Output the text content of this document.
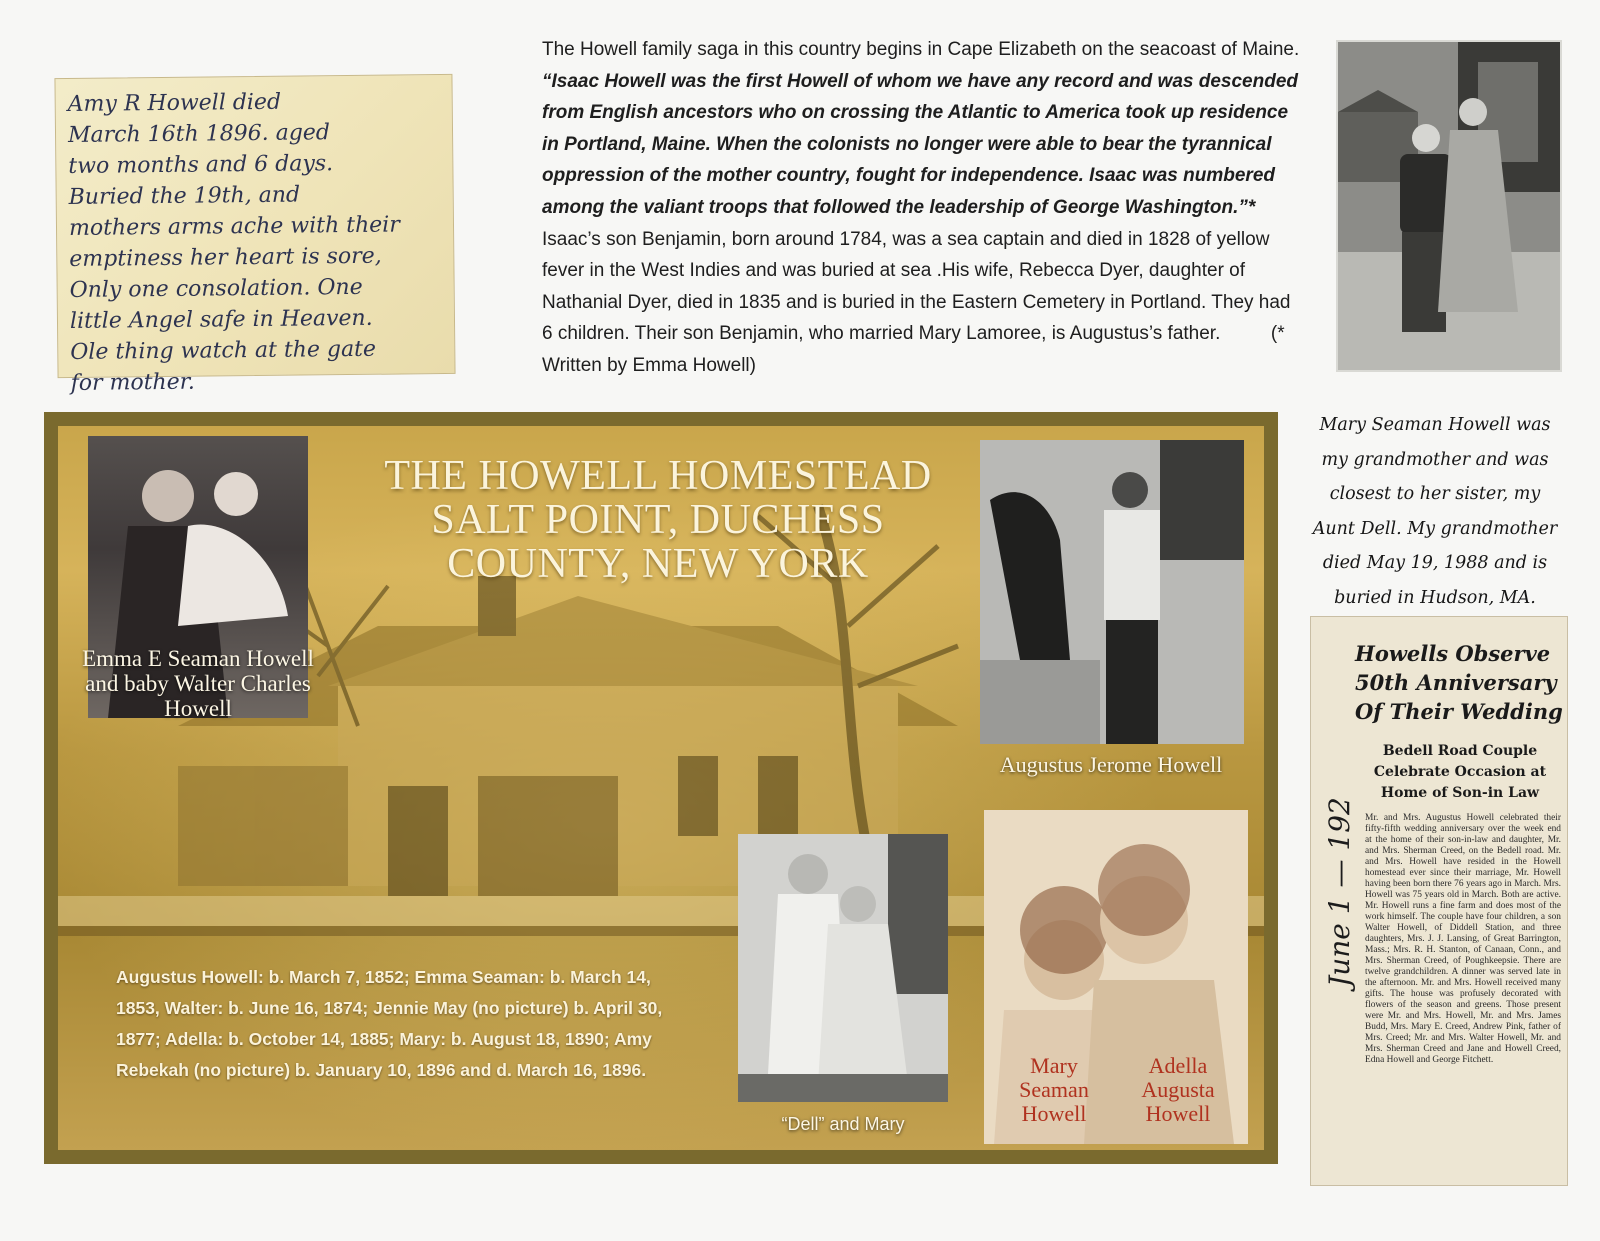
Amy R Howell died
March 16th 1896. aged
two months and 6 days.
Buried the 19th, and
mothers arms ache with their
emptiness her heart is sore,
Only one consolation. One
little Angel safe in Heaven.
Ole thing watch at the gate
for mother.
The Howell family saga in this country begins in Cape Elizabeth on the seacoast of Maine. “Isaac Howell was the first Howell of whom we have any record and was descended from English ancestors who on crossing the Atlantic to America took up residence in Portland, Maine. When the colonists no longer were able to bear the tyrannical oppression of the mother country, fought for independence. Isaac was numbered among the valiant troops that followed the leadership of George Washington.”* Isaac’s son Benjamin, born around 1784, was a sea captain and died in 1828 of yellow fever in the West Indies and was buried at sea .His wife, Rebecca Dyer, daughter of Nathanial Dyer, died in 1835 and is buried in the Eastern Cemetery in Portland. They had 6 children. Their son Benjamin, who married Mary Lamoree, is Augustus’s father.	(* Written by Emma Howell)
Mary Seaman Howell was
my grandmother and was
closest to her sister, my
Aunt Dell. My grandmother
died May 19, 1988 and is
buried in Hudson, MA.
June 1 — 192
Howells Observe 50th Anniversary Of Their Wedding
Bedell Road Couple Celebrate Occasion at Home of Son-in Law
Mr. and Mrs. Augustus Howell celebrated their fifty-fifth wedding anniversary over the week end at the home of their son-in-law and daughter, Mr. and Mrs. Sherman Creed, on the Bedell road. Mr. and Mrs. Howell have resided in the Howell homestead ever since their marriage, Mr. Howell having been born there 76 years ago in March. Mrs. Howell was 75 years old in March. Both are active. Mr. Howell runs a fine farm and does most of the work himself. The couple have four children, a son Walter Howell, of Diddell Station, and three daughters, Mrs. J. J. Lansing, of Great Barrington, Mass.; Mrs. R. H. Stanton, of Canaan, Conn., and Mrs. Sherman Creed, of Poughkeepsie. There are twelve grandchildren. A dinner was served late in the afternoon. Mr. and Mrs. Howell received many gifts. The house was profusely decorated with flowers of the season and greens. Those present were Mr. and Mrs. Howell, Mr. and Mrs. James Budd, Mrs. Mary E. Creed, Andrew Pink, father of Mrs. Creed; Mr. and Mrs. Walter Howell, Mr. and Mrs. Sherman Creed and Jane and Howell Creed, Edna Howell and George Fitchett.
THE HOWELL HOMESTEAD
SALT POINT, DUCHESS
COUNTY, NEW YORK
Emma E Seaman Howell and baby Walter Charles Howell
Augustus Jerome Howell
“Dell” and Mary
Mary Seaman Howell
Adella Augusta Howell
Augustus Howell: b. March 7, 1852; Emma Seaman: b. March 14, 1853, Walter: b. June 16, 1874; Jennie May (no picture) b. April 30, 1877; Adella: b. October 14, 1885; Mary: b. August 18, 1890; Amy Rebekah (no picture) b. January 10, 1896 and d. March 16, 1896.
